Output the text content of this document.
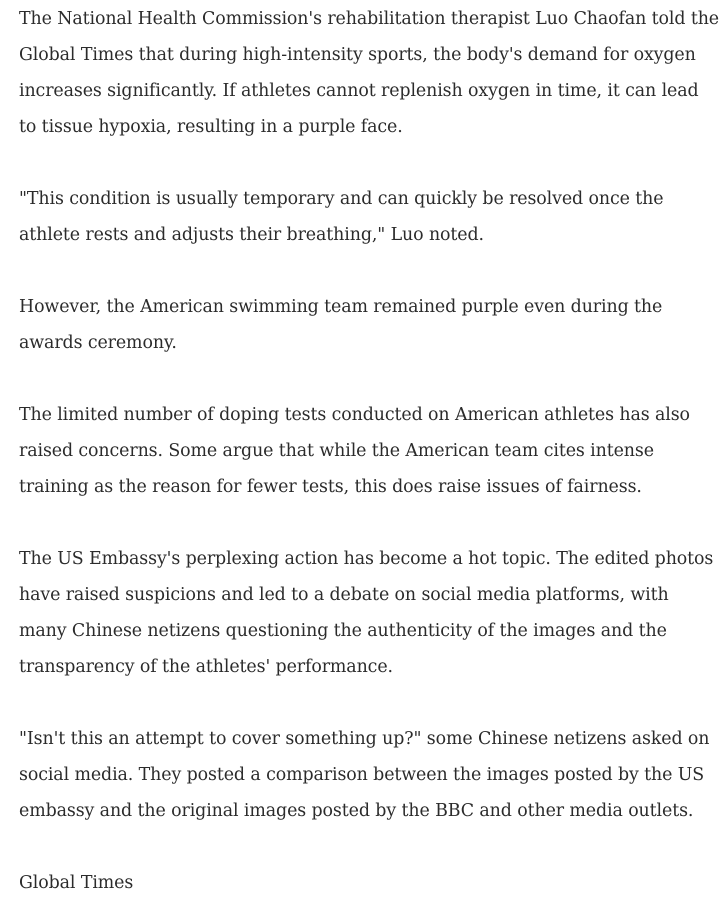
The National Health Commission's rehabilitation therapist Luo Chaofan told the Global Times that during high-intensity sports, the body's demand for oxygen increases significantly. If athletes cannot replenish oxygen in time, it can lead to tissue hypoxia, resulting in a purple face.

"This condition is usually temporary and can quickly be resolved once the athlete rests and adjusts their breathing," Luo noted.

However, the American swimming team remained purple even during the awards ceremony.

The limited number of doping tests conducted on American athletes has also raised concerns. Some argue that while the American team cites intense training as the reason for fewer tests, this does raise issues of fairness.

The US Embassy's perplexing action has become a hot topic. The edited photos have raised suspicions and led to a debate on social media platforms, with many Chinese netizens questioning the authenticity of the images and the transparency of the athletes' performance.

"Isn't this an attempt to cover something up?" some Chinese netizens asked on social media. They posted a comparison between the images posted by the US embassy and the original images posted by the BBC and other media outlets.

Global Times
